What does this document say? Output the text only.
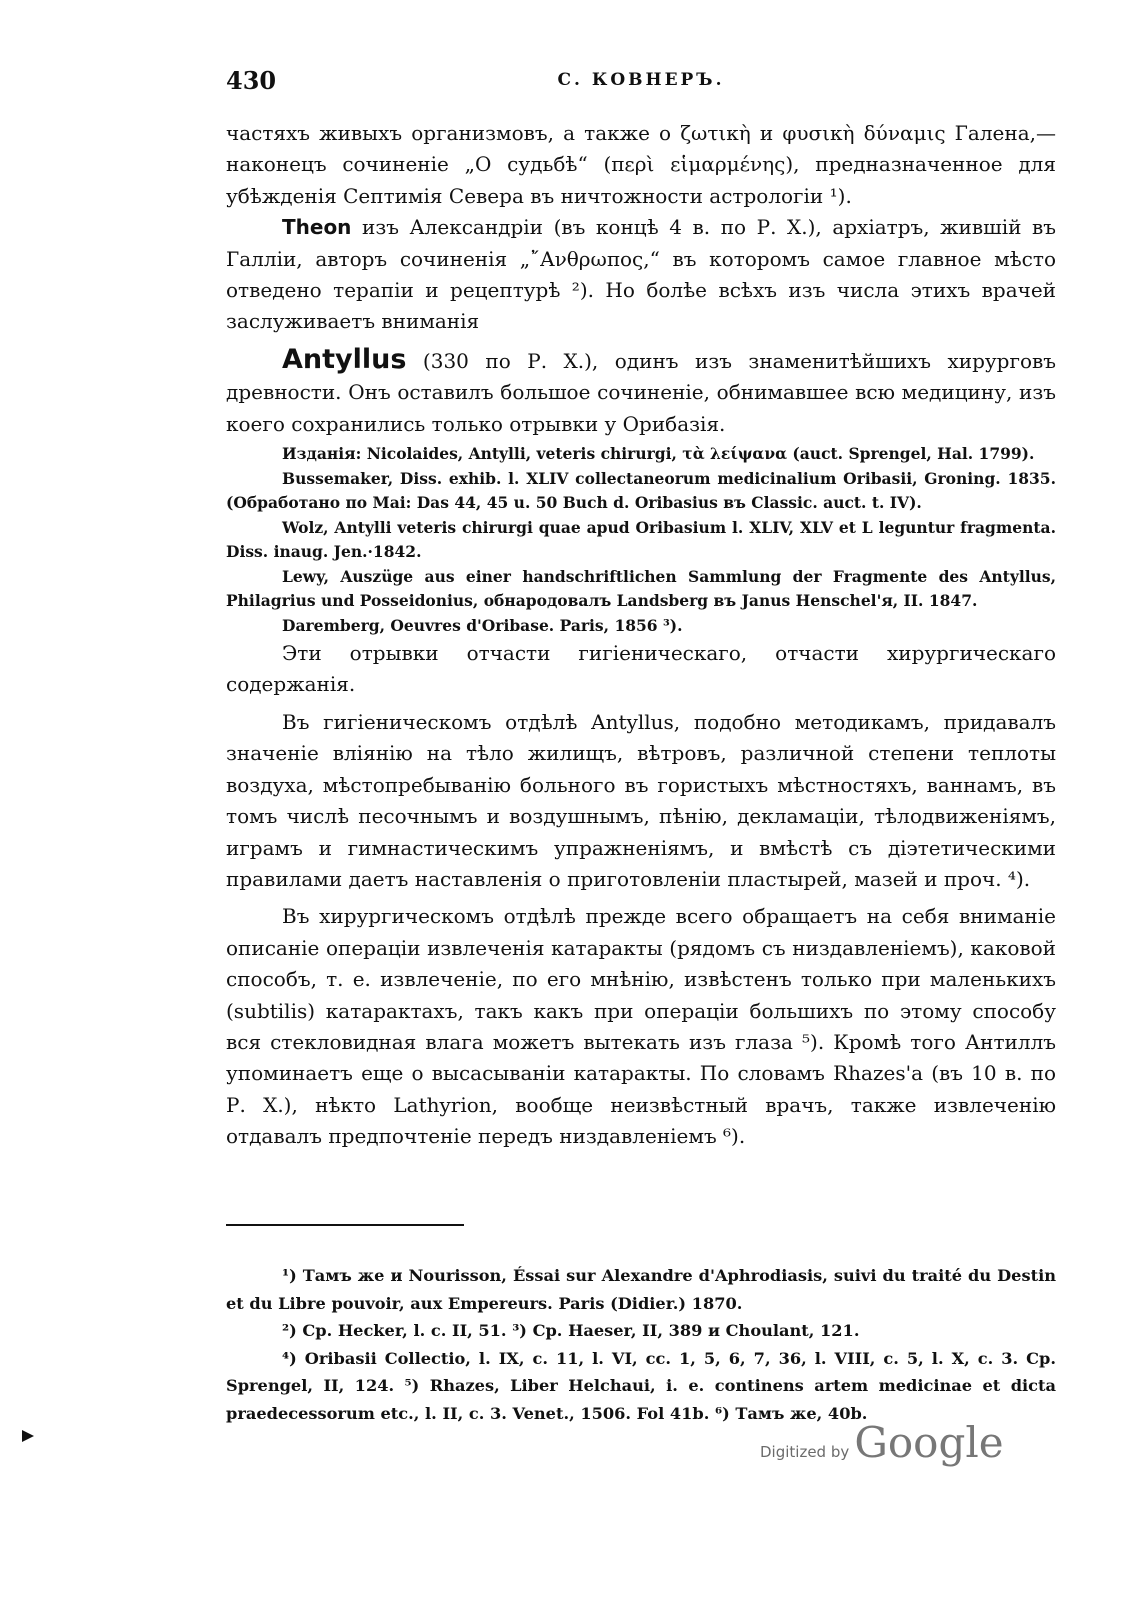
430	С. КОВНЕРЪ.

частяхъ живыхъ организмовъ, а также о ζωτικὴ и φυσικὴ δύναμις Галена,— наконецъ сочиненіе „О судьбѣ“ (περὶ εἱμαρμένης), предназначенное для убѣжденія Септимія Севера въ ничтожности астрологіи ¹).

Theon изъ Александріи (въ концѣ 4 в. по Р. X.), архіатръ, жившій въ Галліи, авторъ сочиненія „῎Ανθρωπος,“ въ которомъ самое главное мѣсто отведено терапіи и рецептурѣ ²). Но болѣе всѣхъ изъ числа этихъ врачей заслуживаетъ вниманія

Antyllus (330 по Р. X.), одинъ изъ знаменитѣйшихъ хирурговъ древности. Онъ оставилъ большое сочиненіе, обнимавшее всю медицину, изъ коего сохранились только отрывки у Орибазія.

Изданія: Nicolaides, Antylli, veteris chirurgi, τὰ λείψανα (auct. Sprengel, Hal. 1799).

Bussemaker, Diss. exhib. l. XLIV collectaneorum medicinalium Oribasii, Groning. 1835. (Обработано по Mai: Das 44, 45 u. 50 Buch d. Oribasius въ Classic. auct. t. IV).

Wolz, Antylli veteris chirurgi quae apud Oribasium l. XLIV, XLV et L leguntur fragmenta. Diss. inaug. Jen.·1842.

Lewy, Auszüge aus einer handschriftlichen Sammlung der Fragmente des Antyllus, Philagrius und Posseidonius, обнародовалъ Landsberg въ Janus Henschel'я, II. 1847.

Daremberg, Oeuvres d'Oribase. Paris, 1856 ³).

Эти отрывки отчасти гигіеническаго, отчасти хирургическаго содержанія.

Въ гигіеническомъ отдѣлѣ Antyllus, подобно методикамъ, придавалъ значеніе вліянію на тѣло жилищъ, вѣтровъ, различной степени теплоты воздуха, мѣстопребыванію больного въ гористыхъ мѣстностяхъ, ваннамъ, въ томъ числѣ песочнымъ и воздушнымъ, пѣнію, декламаціи, тѣлодвиженіямъ, играмъ и гимнастическимъ упражненіямъ, и вмѣстѣ съ діэтетическими правилами даетъ наставленія о приготовленіи пластырей, мазей и проч. ⁴).

Въ хирургическомъ отдѣлѣ прежде всего обращаетъ на себя вниманіе описаніе операціи извлеченія катаракты (рядомъ съ низдавленіемъ), каковой способъ, т. е. извлеченіе, по его мнѣнію, извѣстенъ только при маленькихъ (subtilis) катарактахъ, такъ какъ при операціи большихъ по этому способу вся стекловидная влага можетъ вытекать изъ глаза ⁵). Кромѣ того Антиллъ упоминаетъ еще о высасываніи катаракты. По словамъ Rhazes'а (въ 10 в. по Р. X.), нѣкто Lathyrion, вообще неизвѣстный врачъ, также извлеченію отдавалъ предпочтеніе передъ низдавленіемъ ⁶).

¹) Тамъ же и Nourisson, Éssai sur Alexandre d'Aphrodiasis, suivi du traité du Destin et du Libre pouvoir, aux Empereurs. Paris (Didier.) 1870.

²) Ср. Hecker, l. c. II, 51. ³) Ср. Haeser, II, 389 и Choulant, 121.

⁴) Oribasii Collectio, l. IX, c. 11, l. VI, cc. 1, 5, 6, 7, 36, l. VIII, c. 5, l. X, c. 3. Ср. Sprengel, II, 124. ⁵) Rhazes, Liber Helchaui, i. e. continens artem medicinae et dicta praedecessorum etc., l. II, c. 3. Venet., 1506. Fol 41b. ⁶) Тамъ же, 40b.

Digitized by Google
